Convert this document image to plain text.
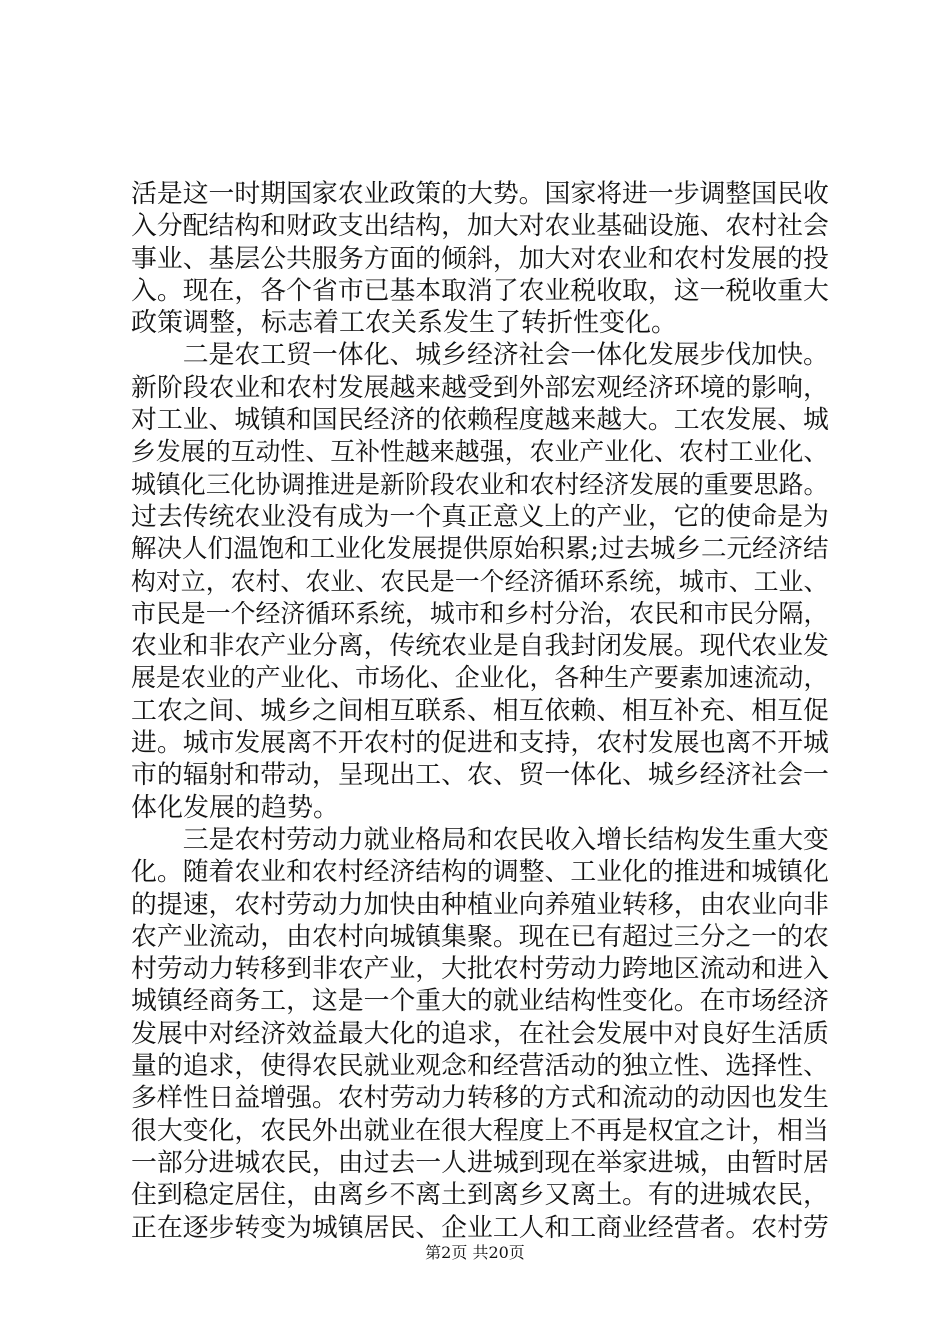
活是这一时期国家农业政策的大势。国家将进一步调整国民收
入分配结构和财政支出结构，加大对农业基础设施、农村社会
事业、基层公共服务方面的倾斜，加大对农业和农村发展的投
入。现在，各个省市已基本取消了农业税收取，这一税收重大
政策调整，标志着工农关系发生了转折性变化。
　　二是农工贸一体化、城乡经济社会一体化发展步伐加快。
新阶段农业和农村发展越来越受到外部宏观经济环境的影响，
对工业、城镇和国民经济的依赖程度越来越大。工农发展、城
乡发展的互动性、互补性越来越强，农业产业化、农村工业化、
城镇化三化协调推进是新阶段农业和农村经济发展的重要思路。
过去传统农业没有成为一个真正意义上的产业，它的使命是为
解决人们温饱和工业化发展提供原始积累;过去城乡二元经济结
构对立，农村、农业、农民是一个经济循环系统，城市、工业、
市民是一个经济循环系统，城市和乡村分治，农民和市民分隔，
农业和非农产业分离，传统农业是自我封闭发展。现代农业发
展是农业的产业化、市场化、企业化，各种生产要素加速流动，
工农之间、城乡之间相互联系、相互依赖、相互补充、相互促
进。城市发展离不开农村的促进和支持，农村发展也离不开城
市的辐射和带动，呈现出工、农、贸一体化、城乡经济社会一
体化发展的趋势。
　　三是农村劳动力就业格局和农民收入增长结构发生重大变
化。随着农业和农村经济结构的调整、工业化的推进和城镇化
的提速，农村劳动力加快由种植业向养殖业转移，由农业向非
农产业流动，由农村向城镇集聚。现在已有超过三分之一的农
村劳动力转移到非农产业，大批农村劳动力跨地区流动和进入
城镇经商务工，这是一个重大的就业结构性变化。在市场经济
发展中对经济效益最大化的追求，在社会发展中对良好生活质
量的追求，使得农民就业观念和经营活动的独立性、选择性、
多样性日益增强。农村劳动力转移的方式和流动的动因也发生
很大变化，农民外出就业在很大程度上不再是权宜之计，相当
一部分进城农民，由过去一人进城到现在举家进城，由暂时居
住到稳定居住，由离乡不离土到离乡又离土。有的进城农民，
正在逐步转变为城镇居民、企业工人和工商业经营者。农村劳
第2页 共20页
